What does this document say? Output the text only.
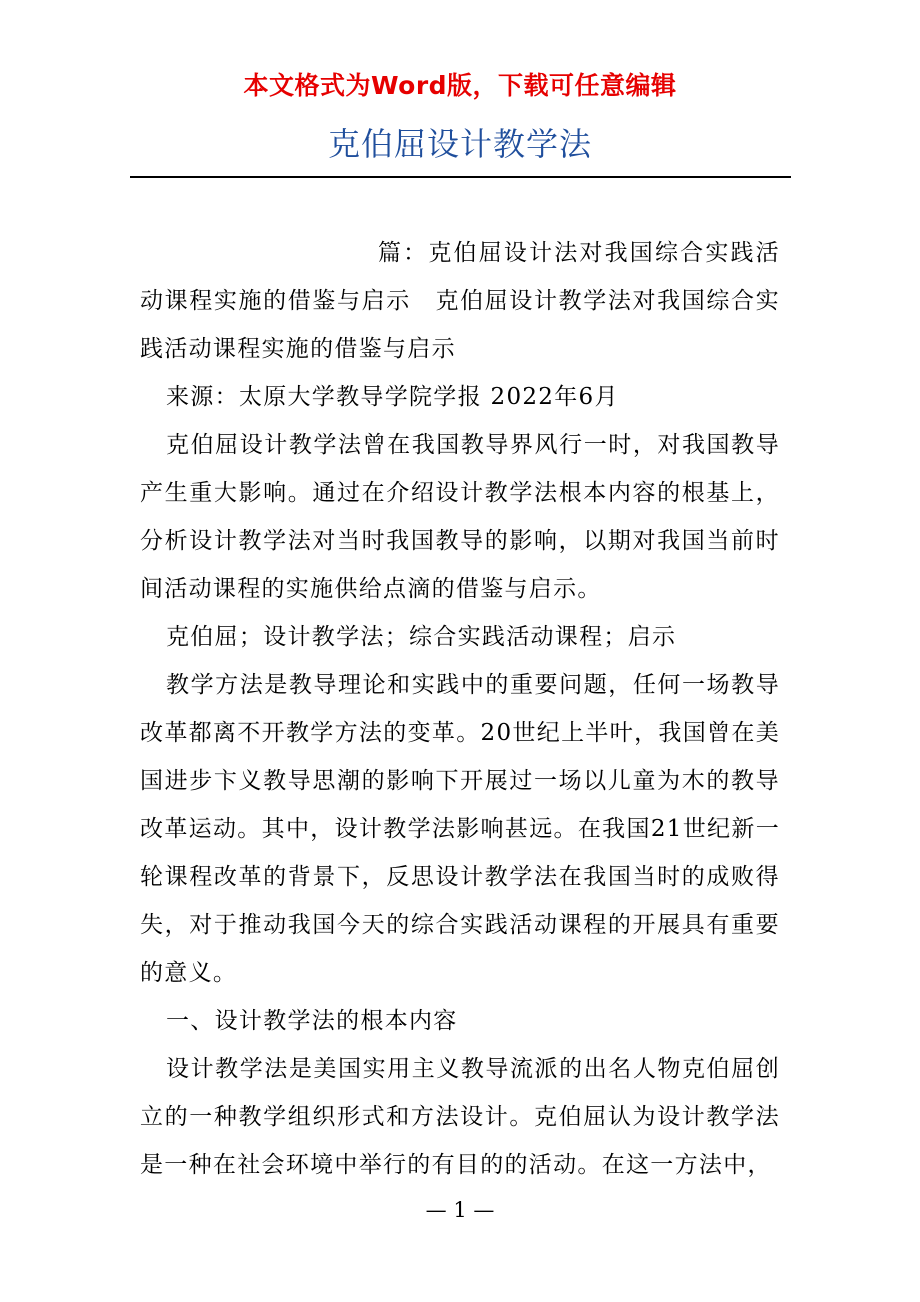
本文格式为Word版，下载可任意编辑
克伯屈设计教学法

篇：克伯屈设计法对我国综合实践活动课程实施的借鉴与启示　克伯屈设计教学法对我国综合实践活动课程实施的借鉴与启示

来源：太原大学教导学院学报 2022年6月

克伯屈设计教学法曾在我国教导界风行一时，对我国教导产生重大影响。通过在介绍设计教学法根本内容的根基上，分析设计教学法对当时我国教导的影响，以期对我国当前时间活动课程的实施供给点滴的借鉴与启示。

克伯屈；设计教学法；综合实践活动课程；启示

教学方法是教导理论和实践中的重要问题，任何一场教导改革都离不开教学方法的变革。20世纪上半叶，我国曾在美国进步卞义教导思潮的影响下开展过一场以儿童为木的教导改革运动。其中，设计教学法影响甚远。在我国21世纪新一轮课程改革的背景下，反思设计教学法在我国当时的成败得失，对于推动我国今天的综合实践活动课程的开展具有重要的意义。

一、设计教学法的根本内容

设计教学法是美国实用主义教导流派的出名人物克伯屈创立的一种教学组织形式和方法设计。克伯屈认为设计教学法是一种在社会环境中举行的有目的的活动。在这一方法中，

— 1 —
